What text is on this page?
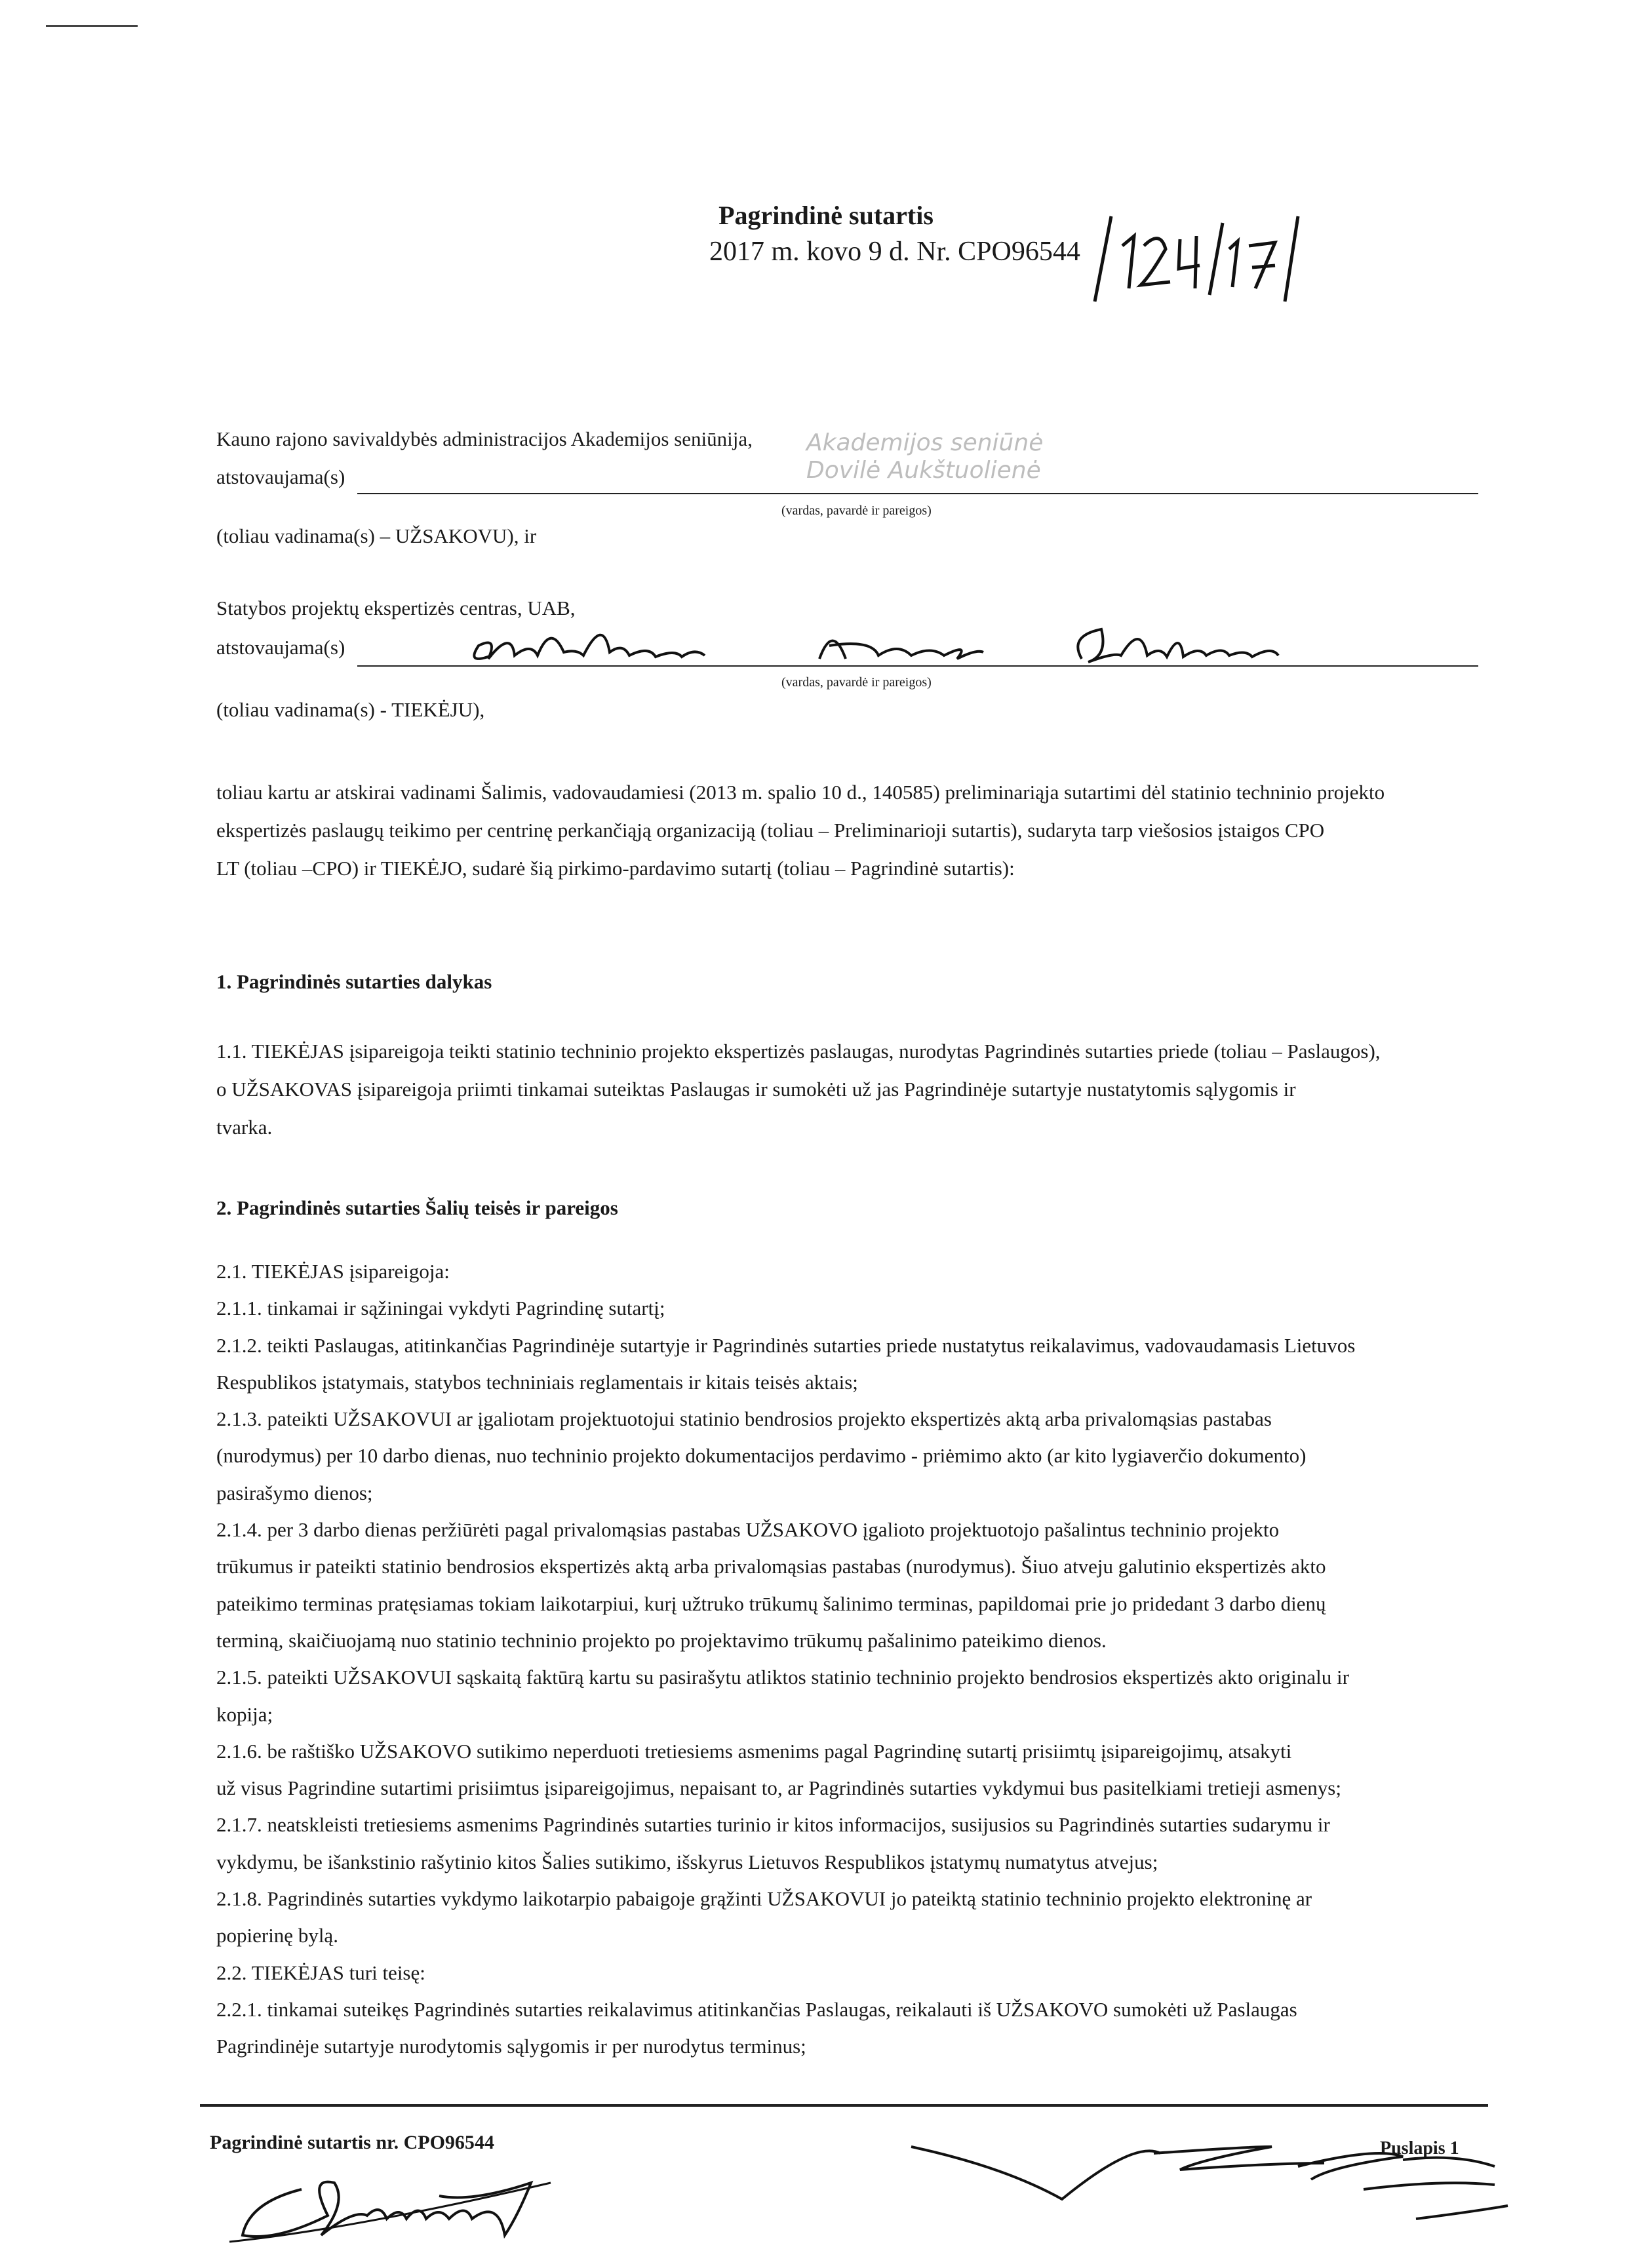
Pagrindinė sutartis
2017 m. kovo 9 d. Nr. CPO96544
Kauno rajono savivaldybės administracijos Akademijos seniūnija,
atstovaujama(s)
Akademijos seniūnė
Dovilė Aukštuolienė
(vardas, pavardė ir pareigos)
(toliau vadinama(s) – UŽSAKOVU), ir
Statybos projektų ekspertizės centras, UAB,
atstovaujama(s)
(vardas, pavardė ir pareigos)
(toliau vadinama(s) - TIEKĖJU),

toliau kartu ar atskirai vadinami Šalimis, vadovaudamiesi (2013 m. spalio 10 d., 140585) preliminariąja sutartimi dėl statinio techninio projekto

ekspertizės paslaugų teikimo per centrinę perkančiąją organizaciją (toliau – Preliminarioji sutartis), sudaryta tarp viešosios įstaigos CPO

LT (toliau –CPO) ir TIEKĖJO, sudarė šią pirkimo-pardavimo sutartį (toliau – Pagrindinė sutartis):

1. Pagrindinės sutarties dalykas

1.1. TIEKĖJAS įsipareigoja teikti statinio techninio projekto ekspertizės paslaugas, nurodytas Pagrindinės sutarties priede (toliau – Paslaugos),

o UŽSAKOVAS įsipareigoja priimti tinkamai suteiktas Paslaugas ir sumokėti už jas Pagrindinėje sutartyje nustatytomis sąlygomis ir

tvarka.

2. Pagrindinės sutarties Šalių teisės ir pareigos

2.1. TIEKĖJAS įsipareigoja:

2.1.1. tinkamai ir sąžiningai vykdyti Pagrindinę sutartį;

2.1.2. teikti Paslaugas, atitinkančias Pagrindinėje sutartyje ir Pagrindinės sutarties priede nustatytus reikalavimus, vadovaudamasis Lietuvos

Respublikos įstatymais, statybos techniniais reglamentais ir kitais teisės aktais;

2.1.3. pateikti UŽSAKOVUI ar įgaliotam projektuotojui statinio bendrosios projekto ekspertizės aktą arba privalomąsias pastabas

(nurodymus) per 10 darbo dienas, nuo techninio projekto dokumentacijos perdavimo - priėmimo akto (ar kito lygiaverčio dokumento)

pasirašymo dienos;

2.1.4. per 3 darbo dienas peržiūrėti pagal privalomąsias pastabas UŽSAKOVO įgalioto projektuotojo pašalintus techninio projekto

trūkumus ir pateikti statinio bendrosios ekspertizės aktą arba privalomąsias pastabas (nurodymus). Šiuo atveju galutinio ekspertizės akto

pateikimo terminas pratęsiamas tokiam laikotarpiui, kurį užtruko trūkumų šalinimo terminas, papildomai prie jo pridedant 3 darbo dienų

terminą, skaičiuojamą nuo statinio techninio projekto po projektavimo trūkumų pašalinimo pateikimo dienos.

2.1.5. pateikti UŽSAKOVUI sąskaitą faktūrą kartu su pasirašytu atliktos statinio techninio projekto bendrosios ekspertizės akto originalu ir

kopija;

2.1.6. be raštiško UŽSAKOVO sutikimo neperduoti tretiesiems asmenims pagal Pagrindinę sutartį prisiimtų įsipareigojimų, atsakyti

už visus Pagrindine sutartimi prisiimtus įsipareigojimus, nepaisant to, ar Pagrindinės sutarties vykdymui bus pasitelkiami tretieji asmenys;

2.1.7. neatskleisti tretiesiems asmenims Pagrindinės sutarties turinio ir kitos informacijos, susijusios su Pagrindinės sutarties sudarymu ir

vykdymu, be išankstinio rašytinio kitos Šalies sutikimo, išskyrus Lietuvos Respublikos įstatymų numatytus atvejus;

2.1.8. Pagrindinės sutarties vykdymo laikotarpio pabaigoje grąžinti UŽSAKOVUI jo pateiktą statinio techninio projekto elektroninę ar

popierinę bylą.

2.2. TIEKĖJAS turi teisę:

2.2.1. tinkamai suteikęs Pagrindinės sutarties reikalavimus atitinkančias Paslaugas, reikalauti iš UŽSAKOVO sumokėti už Paslaugas

Pagrindinėje sutartyje nurodytomis sąlygomis ir per nurodytus terminus;

Pagrindinė sutartis nr. CPO96544	Puslapis 1
